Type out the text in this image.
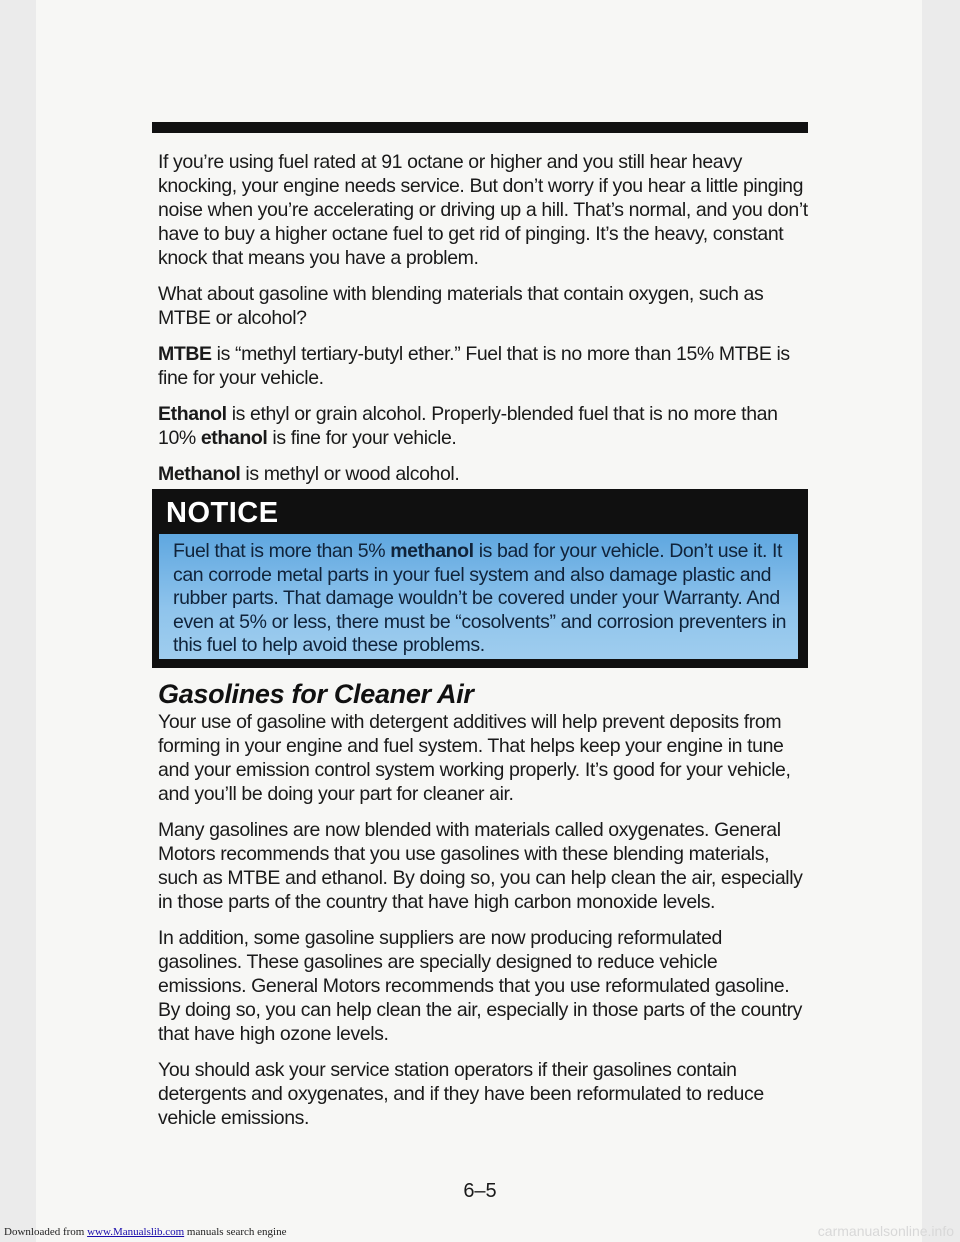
If you’re using fuel rated at 91 octane or higher and you still hear heavy knocking, your engine needs service. But don’t worry if you hear a little pinging noise when you’re accelerating or driving up a hill. That’s normal, and you don’t have to buy a higher octane fuel to get rid of pinging. It’s the heavy, constant knock that means you have a problem.

What about gasoline with blending materials that contain oxygen, such as MTBE or alcohol?

MTBE is “methyl tertiary-butyl ether.” Fuel that is no more than 15% MTBE is fine for your vehicle.

Ethanol is ethyl or grain alcohol. Properly-blended fuel that is no more than 10% ethanol is fine for your vehicle.

Methanol is methyl or wood alcohol.

NOTICE
Fuel that is more than 5% methanol is bad for your vehicle. Don’t use it. It can corrode metal parts in your fuel system and also damage plastic and rubber parts. That damage wouldn’t be covered under your Warranty. And even at 5% or less, there must be “cosolvents” and corrosion preventers in this fuel to help avoid these problems.
Gasolines for Cleaner Air

Your use of gasoline with detergent additives will help prevent deposits from forming in your engine and fuel system. That helps keep your engine in tune and your emission control system working properly. It’s good for your vehicle, and you’ll be doing your part for cleaner air.

Many gasolines are now blended with materials called oxygenates. General Motors recommends that you use gasolines with these blending materials, such as MTBE and ethanol. By doing so, you can help clean the air, especially in those parts of the country that have high carbon monoxide levels.

In addition, some gasoline suppliers are now producing reformulated gasolines. These gasolines are specially designed to reduce vehicle emissions. General Motors recommends that you use reformulated gasoline. By doing so, you can help clean the air, especially in those parts of the country that have high ozone levels.

You should ask your service station operators if their gasolines contain detergents and oxygenates, and if they have been reformulated to reduce vehicle emissions.

6–5
Downloaded from www.Manualslib.com manuals search engine	carmanualsonline.info
